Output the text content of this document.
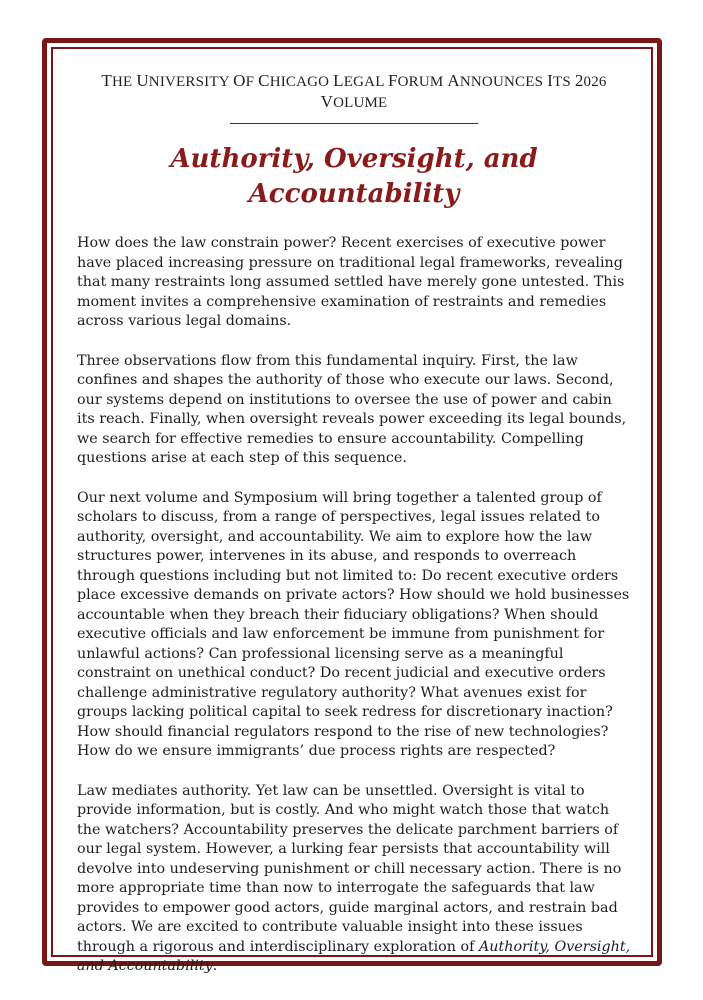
THE UNIVERSITY OF CHICAGO LEGAL FORUM ANNOUNCES ITS 2026 VOLUME

Authority, Oversight, and
Accountability

How does the law constrain power? Recent exercises of executive power have placed increasing pressure on traditional legal frameworks, revealing that many restraints long assumed settled have merely gone untested. This moment invites a comprehensive examination of restraints and remedies across various legal domains.

Three observations flow from this fundamental inquiry. First, the law confines and shapes the authority of those who execute our laws. Second, our systems depend on institutions to oversee the use of power and cabin its reach. Finally, when oversight reveals power exceeding its legal bounds, we search for effective remedies to ensure accountability. Compelling questions arise at each step of this sequence.

Our next volume and Symposium will bring together a talented group of scholars to discuss, from a range of perspectives, legal issues related to authority, oversight, and accountability. We aim to explore how the law structures power, intervenes in its abuse, and responds to overreach through questions including but not limited to: Do recent executive orders place excessive demands on private actors? How should we hold businesses accountable when they breach their fiduciary obligations? When should executive officials and law enforcement be immune from punishment for unlawful actions? Can professional licensing serve as a meaningful constraint on unethical conduct? Do recent judicial and executive orders challenge administrative regulatory authority? What avenues exist for groups lacking political capital to seek redress for discretionary inaction? How should financial regulators respond to the rise of new technologies? How do we ensure immigrants’ due process rights are respected?

Law mediates authority. Yet law can be unsettled. Oversight is vital to provide information, but is costly. And who might watch those that watch the watchers? Accountability preserves the delicate parchment barriers of our legal system. However, a lurking fear persists that accountability will devolve into undeserving punishment or chill necessary action. There is no more appropriate time than now to interrogate the safeguards that law provides to empower good actors, guide marginal actors, and restrain bad actors. We are excited to contribute valuable insight into these issues through a rigorous and interdisciplinary exploration of Authority, Oversight, and Accountability.
